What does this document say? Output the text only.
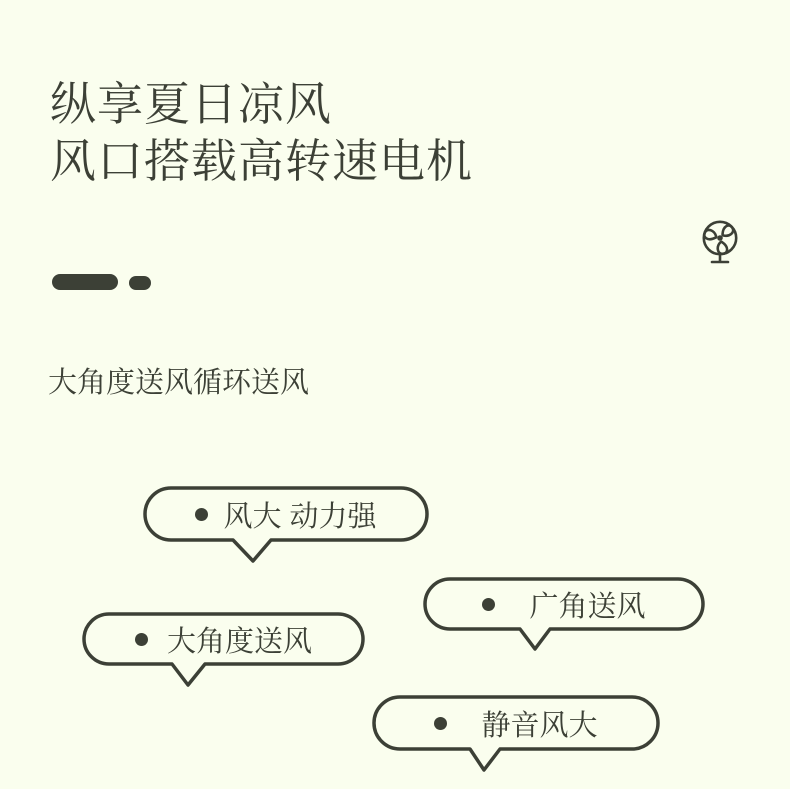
纵享夏日凉风
风口搭载高转速电机
大角度送风循环送风
风大 动力强
广角送风
大角度送风
静音风大
